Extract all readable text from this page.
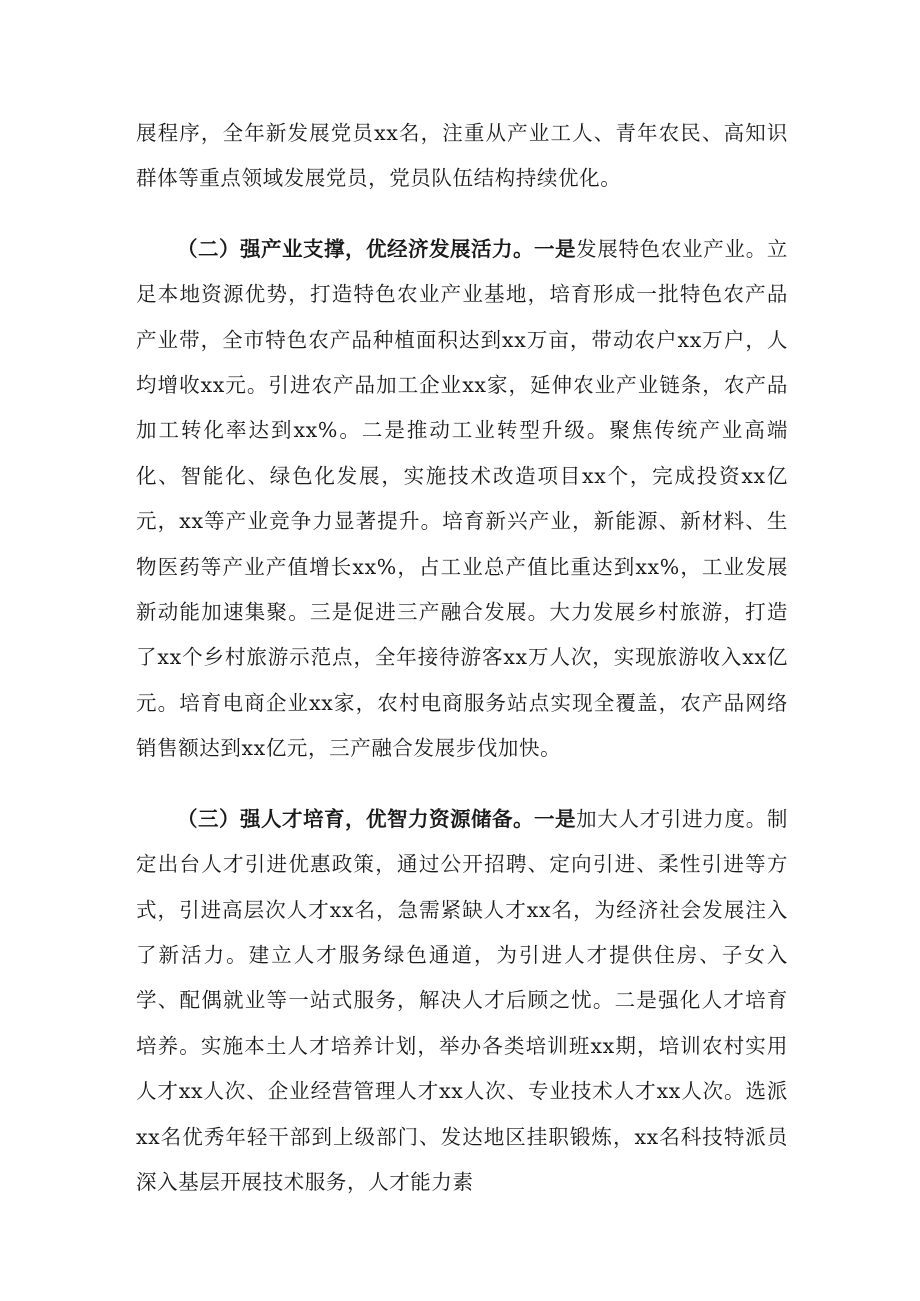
展程序，全年新发展党员xx名，注重从产业工人、青年农民、高知识群体等重点领域发展党员，党员队伍结构持续优化。

（二）强产业支撑，优经济发展活力。一是发展特色农业产业。立足本地资源优势，打造特色农业产业基地，培育形成一批特色农产品产业带，全市特色农产品种植面积达到xx万亩，带动农户xx万户，人均增收xx元。引进农产品加工企业xx家，延伸农业产业链条，农产品加工转化率达到xx%。二是推动工业转型升级。聚焦传统产业高端化、智能化、绿色化发展，实施技术改造项目xx个，完成投资xx亿元，xx等产业竞争力显著提升。培育新兴产业，新能源、新材料、生物医药等产业产值增长xx%，占工业总产值比重达到xx%，工业发展新动能加速集聚。三是促进三产融合发展。大力发展乡村旅游，打造了xx个乡村旅游示范点，全年接待游客xx万人次，实现旅游收入xx亿元。培育电商企业xx家，农村电商服务站点实现全覆盖，农产品网络销售额达到xx亿元，三产融合发展步伐加快。

（三）强人才培育，优智力资源储备。一是加大人才引进力度。制定出台人才引进优惠政策，通过公开招聘、定向引进、柔性引进等方式，引进高层次人才xx名，急需紧缺人才xx名，为经济社会发展注入了新活力。建立人才服务绿色通道，为引进人才提供住房、子女入学、配偶就业等一站式服务，解决人才后顾之忧。二是强化人才培育培养。实施本土人才培养计划，举办各类培训班xx期，培训农村实用人才xx人次、企业经营管理人才xx人次、专业技术人才xx人次。选派xx名优秀年轻干部到上级部门、发达地区挂职锻炼，xx名科技特派员深入基层开展技术服务，人才能力素
